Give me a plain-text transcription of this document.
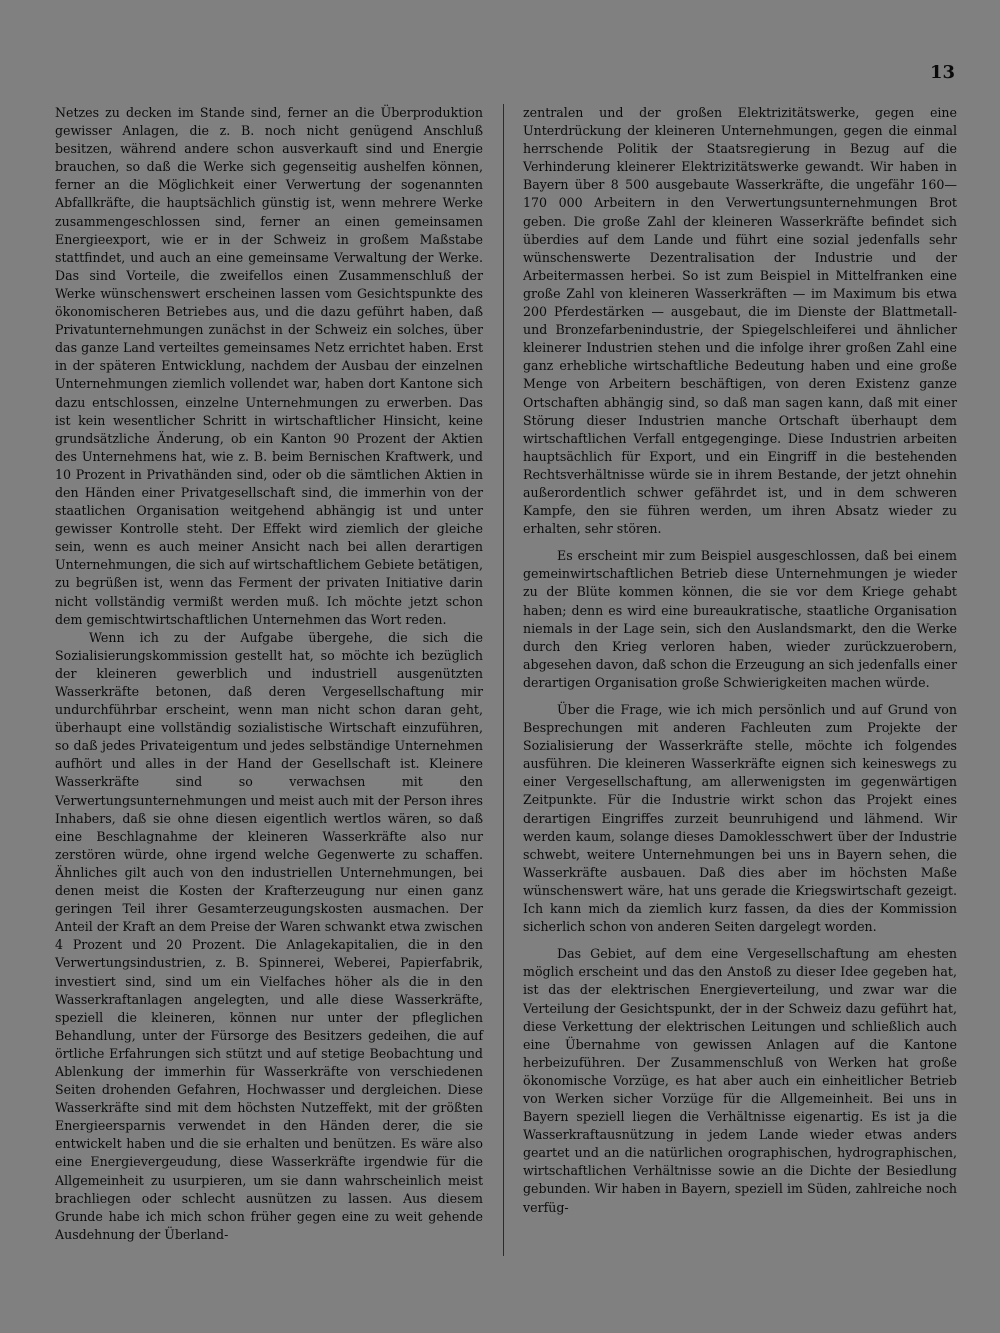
13

Netzes zu decken im Stande sind, ferner an die Überproduktion gewisser Anlagen, die z. B. noch nicht genügend Anschluß besitzen, während andere schon ausverkauft sind und Energie brauchen, so daß die Werke sich gegenseitig aushelfen können, ferner an die Möglichkeit einer Verwertung der sogenannten Abfallkräfte, die hauptsächlich günstig ist, wenn mehrere Werke zusammengeschlossen sind, ferner an einen gemeinsamen Energieexport, wie er in der Schweiz in großem Maßstabe stattfindet, und auch an eine gemeinsame Verwaltung der Werke. Das sind Vorteile, die zweifellos einen Zusammenschluß der Werke wünschenswert erscheinen lassen vom Gesichtspunkte des ökonomischeren Betriebes aus, und die dazu geführt haben, daß Privatunternehmungen zunächst in der Schweiz ein solches, über das ganze Land verteiltes gemeinsames Netz errichtet haben. Erst in der späteren Entwicklung, nachdem der Ausbau der einzelnen Unternehmungen ziemlich vollendet war, haben dort Kantone sich dazu entschlossen, einzelne Unternehmungen zu erwerben. Das ist kein wesentlicher Schritt in wirtschaftlicher Hinsicht, keine grundsätzliche Änderung, ob ein Kanton 90 Prozent der Aktien des Unternehmens hat, wie z. B. beim Bernischen Kraftwerk, und 10 Prozent in Privathänden sind, oder ob die sämtlichen Aktien in den Händen einer Privatgesellschaft sind, die immerhin von der staatlichen Organisation weitgehend abhängig ist und unter gewisser Kontrolle steht. Der Effekt wird ziemlich der gleiche sein, wenn es auch meiner Ansicht nach bei allen derartigen Unternehmungen, die sich auf wirtschaftlichem Gebiete betätigen, zu begrüßen ist, wenn das Ferment der privaten Initiative darin nicht vollständig vermißt werden muß. Ich möchte jetzt schon dem gemischtwirtschaftlichen Unternehmen das Wort reden.

Wenn ich zu der Aufgabe übergehe, die sich die Sozialisierungskommission gestellt hat, so möchte ich bezüglich der kleineren gewerblich und industriell ausgenützten Wasserkräfte betonen, daß deren Vergesellschaftung mir undurchführbar erscheint, wenn man nicht schon daran geht, überhaupt eine vollständig sozialistische Wirtschaft einzuführen, so daß jedes Privateigentum und jedes selbständige Unternehmen aufhört und alles in der Hand der Gesellschaft ist. Kleinere Wasserkräfte sind so verwachsen mit den Verwertungsunternehmungen und meist auch mit der Person ihres Inhabers, daß sie ohne diesen eigentlich wertlos wären, so daß eine Beschlagnahme der kleineren Wasserkräfte also nur zerstören würde, ohne irgend welche Gegenwerte zu schaffen. Ähnliches gilt auch von den industriellen Unternehmungen, bei denen meist die Kosten der Krafterzeugung nur einen ganz geringen Teil ihrer Gesamterzeugungskosten ausmachen. Der Anteil der Kraft an dem Preise der Waren schwankt etwa zwischen 4 Prozent und 20 Prozent. Die Anlagekapitalien, die in den Verwertungsindustrien, z. B. Spinnerei, Weberei, Papierfabrik, investiert sind, sind um ein Vielfaches höher als die in den Wasserkraftanlagen angelegten, und alle diese Wasserkräfte, speziell die kleineren, können nur unter der pfleglichen Behandlung, unter der Fürsorge des Besitzers gedeihen, die auf örtliche Erfahrungen sich stützt und auf stetige Beobachtung und Ablenkung der immerhin für Wasserkräfte von verschiedenen Seiten drohenden Gefahren, Hochwasser und dergleichen. Diese Wasserkräfte sind mit dem höchsten Nutzeffekt, mit der größten Energieersparnis verwendet in den Händen derer, die sie entwickelt haben und die sie erhalten und benützen. Es wäre also eine Energievergeudung, diese Wasserkräfte irgendwie für die Allgemeinheit zu usurpieren, um sie dann wahrscheinlich meist brachliegen oder schlecht ausnützen zu lassen. Aus diesem Grunde habe ich mich schon früher gegen eine zu weit gehende Ausdehnung der Überland-

zentralen und der großen Elektrizitätswerke, gegen eine Unterdrückung der kleineren Unternehmungen, gegen die einmal herrschende Politik der Staatsregierung in Bezug auf die Verhinderung kleinerer Elektrizitätswerke gewandt. Wir haben in Bayern über 8 500 ausgebaute Wasserkräfte, die ungefähr 160—170 000 Arbeitern in den Verwertungsunternehmungen Brot geben. Die große Zahl der kleineren Wasserkräfte befindet sich überdies auf dem Lande und führt eine sozial jedenfalls sehr wünschenswerte Dezentralisation der Industrie und der Arbeitermassen herbei. So ist zum Beispiel in Mittelfranken eine große Zahl von kleineren Wasserkräften — im Maximum bis etwa 200 Pferdestärken — ausgebaut, die im Dienste der Blattmetall- und Bronzefarbenindustrie, der Spiegelschleiferei und ähnlicher kleinerer Industrien stehen und die infolge ihrer großen Zahl eine ganz erhebliche wirtschaftliche Bedeutung haben und eine große Menge von Arbeitern beschäftigen, von deren Existenz ganze Ortschaften abhängig sind, so daß man sagen kann, daß mit einer Störung dieser Industrien manche Ortschaft überhaupt dem wirtschaftlichen Verfall entgegenginge. Diese Industrien arbeiten hauptsächlich für Export, und ein Eingriff in die bestehenden Rechtsverhältnisse würde sie in ihrem Bestande, der jetzt ohnehin außerordentlich schwer gefährdet ist, und in dem schweren Kampfe, den sie führen werden, um ihren Absatz wieder zu erhalten, sehr stören.

Es erscheint mir zum Beispiel ausgeschlossen, daß bei einem gemeinwirtschaftlichen Betrieb diese Unternehmungen je wieder zu der Blüte kommen können, die sie vor dem Kriege gehabt haben; denn es wird eine bureaukratische, staatliche Organisation niemals in der Lage sein, sich den Auslandsmarkt, den die Werke durch den Krieg verloren haben, wieder zurückzuerobern, abgesehen davon, daß schon die Erzeugung an sich jedenfalls einer derartigen Organisation große Schwierigkeiten machen würde.

Über die Frage, wie ich mich persönlich und auf Grund von Besprechungen mit anderen Fachleuten zum Projekte der Sozialisierung der Wasserkräfte stelle, möchte ich folgendes ausführen. Die kleineren Wasserkräfte eignen sich keineswegs zu einer Vergesellschaftung, am allerwenigsten im gegenwärtigen Zeitpunkte. Für die Industrie wirkt schon das Projekt eines derartigen Eingriffes zurzeit beunruhigend und lähmend. Wir werden kaum, solange dieses Damoklesschwert über der Industrie schwebt, weitere Unternehmungen bei uns in Bayern sehen, die Wasserkräfte ausbauen. Daß dies aber im höchsten Maße wünschenswert wäre, hat uns gerade die Kriegswirtschaft gezeigt. Ich kann mich da ziemlich kurz fassen, da dies der Kommission sicherlich schon von anderen Seiten dargelegt worden.

Das Gebiet, auf dem eine Vergesellschaftung am ehesten möglich erscheint und das den Anstoß zu dieser Idee gegeben hat, ist das der elektrischen Energieverteilung, und zwar war die Verteilung der Gesichtspunkt, der in der Schweiz dazu geführt hat, diese Verkettung der elektrischen Leitungen und schließlich auch eine Übernahme von gewissen Anlagen auf die Kantone herbeizuführen. Der Zusammenschluß von Werken hat große ökonomische Vorzüge, es hat aber auch ein einheitlicher Betrieb von Werken sicher Vorzüge für die Allgemeinheit. Bei uns in Bayern speziell liegen die Verhältnisse eigenartig. Es ist ja die Wasserkraftausnützung in jedem Lande wieder etwas anders geartet und an die natürlichen orographischen, hydrographischen, wirtschaftlichen Verhältnisse sowie an die Dichte der Besiedlung gebunden. Wir haben in Bayern, speziell im Süden, zahlreiche noch verfüg-
